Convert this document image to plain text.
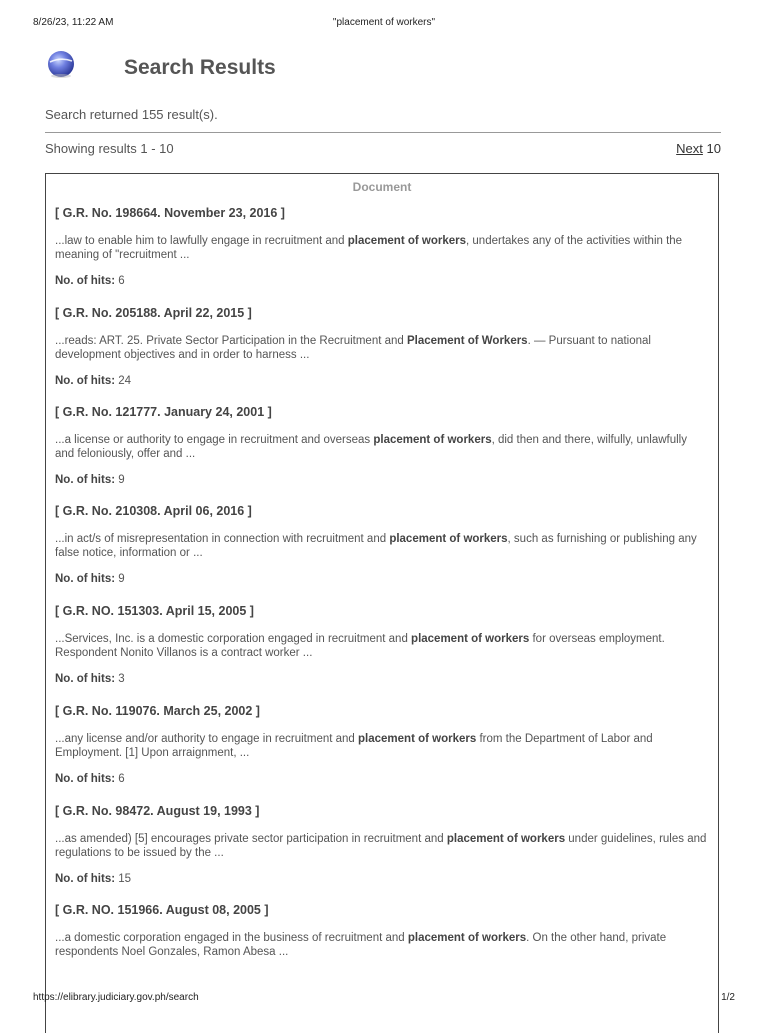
8/26/23, 11:22 AM	"placement of workers"
Search Results
Search returned 155 result(s).
Showing results 1 - 10	Next 10
Document
[ G.R. No. 198664. November 23, 2016 ]
...law to enable him to lawfully engage in recruitment and placement of workers, undertakes any of the activities within the meaning of "recruitment ...
No. of hits: 6
[ G.R. No. 205188. April 22, 2015 ]
...reads: ART. 25. Private Sector Participation in the Recruitment and Placement of Workers. — Pursuant to national development objectives and in order to harness ...
No. of hits: 24
[ G.R. No. 121777. January 24, 2001 ]
...a license or authority to engage in recruitment and overseas placement of workers, did then and there, wilfully, unlawfully and feloniously, offer and ...
No. of hits: 9
[ G.R. No. 210308. April 06, 2016 ]
...in act/s of misrepresentation in connection with recruitment and placement of workers, such as furnishing or publishing any false notice, information or ...
No. of hits: 9
[ G.R. NO. 151303. April 15, 2005 ]
...Services, Inc. is a domestic corporation engaged in recruitment and placement of workers for overseas employment. Respondent Nonito Villanos is a contract worker ...
No. of hits: 3
[ G.R. No. 119076. March 25, 2002 ]
...any license and/or authority to engage in recruitment and placement of workers from the Department of Labor and Employment. [1] Upon arraignment, ...
No. of hits: 6
[ G.R. No. 98472. August 19, 1993 ]
...as amended) [5] encourages private sector participation in recruitment and placement of workers under guidelines, rules and regulations to be issued by the ...
No. of hits: 15
[ G.R. NO. 151966. August 08, 2005 ]
...a domestic corporation engaged in the business of recruitment and placement of workers. On the other hand, private respondents Noel Gonzales, Ramon Abesa ...
https://elibrary.judiciary.gov.ph/search	1/2
